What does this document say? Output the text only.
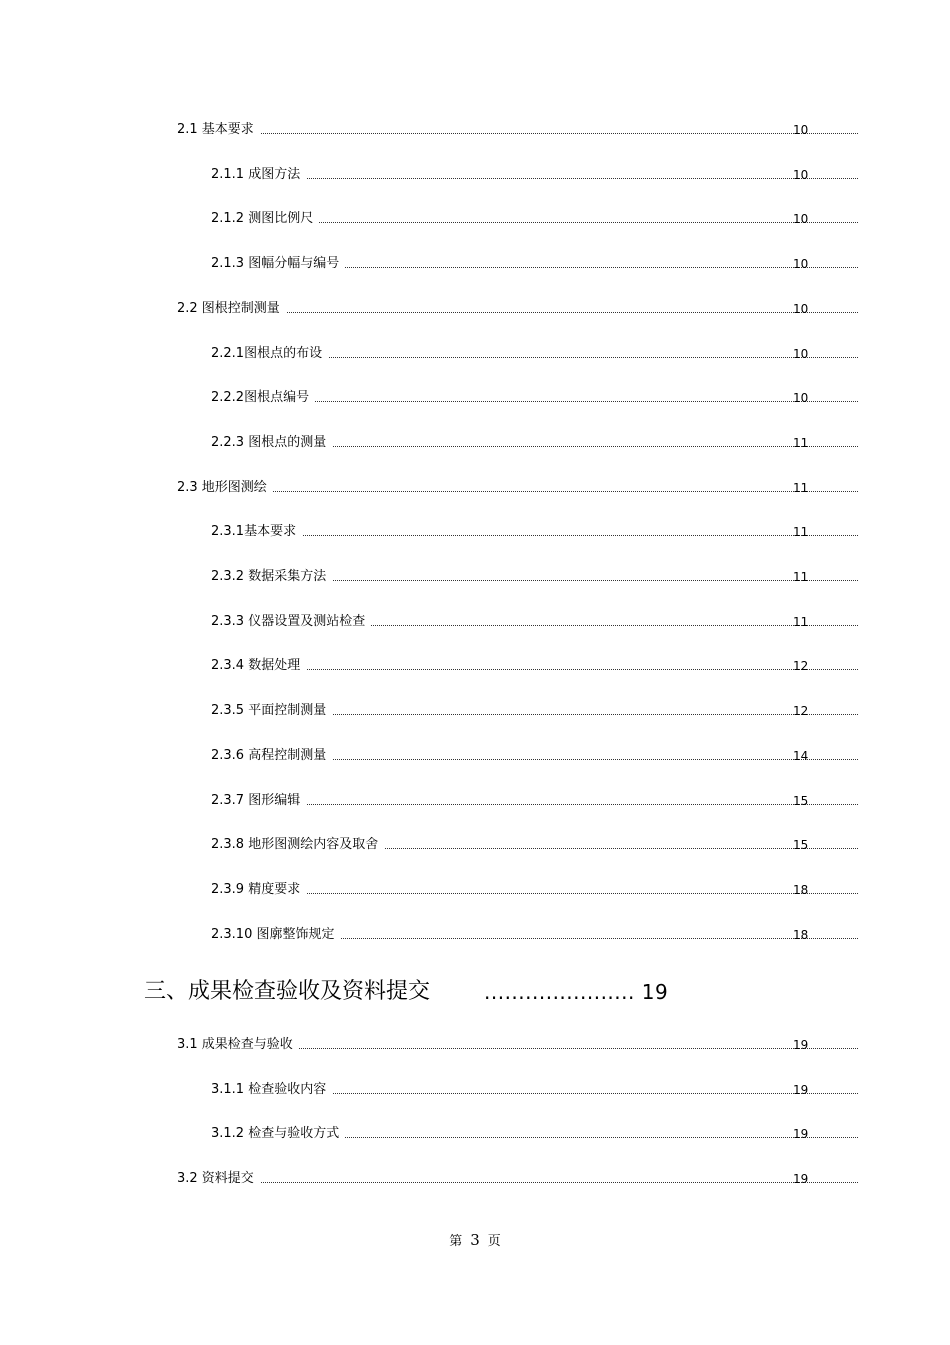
2.1 基本要求	10
2.1.1 成图方法	10
2.1.2 测图比例尺	10
2.1.3 图幅分幅与编号	10
2.2 图根控制测量	10
2.2.1图根点的布设	10
2.2.2图根点编号	10
2.2.3 图根点的测量	11
2.3 地形图测绘	11
2.3.1基本要求	11
2.3.2 数据采集方法	11
2.3.3 仪器设置及测站检查	11
2.3.4 数据处理	12
2.3.5 平面控制测量	12
2.3.6 高程控制测量	14
2.3.7 图形编辑	15
2.3.8 地形图测绘内容及取舍	15
2.3.9 精度要求	18
2.3.10 图廓整饰规定	18
三、成果检查验收及资料提交	...................... 19
3.1 成果检查与验收	19
3.1.1 检查验收内容	19
3.1.2 检查与验收方式	19
3.2 资料提交	19
第 3 页
